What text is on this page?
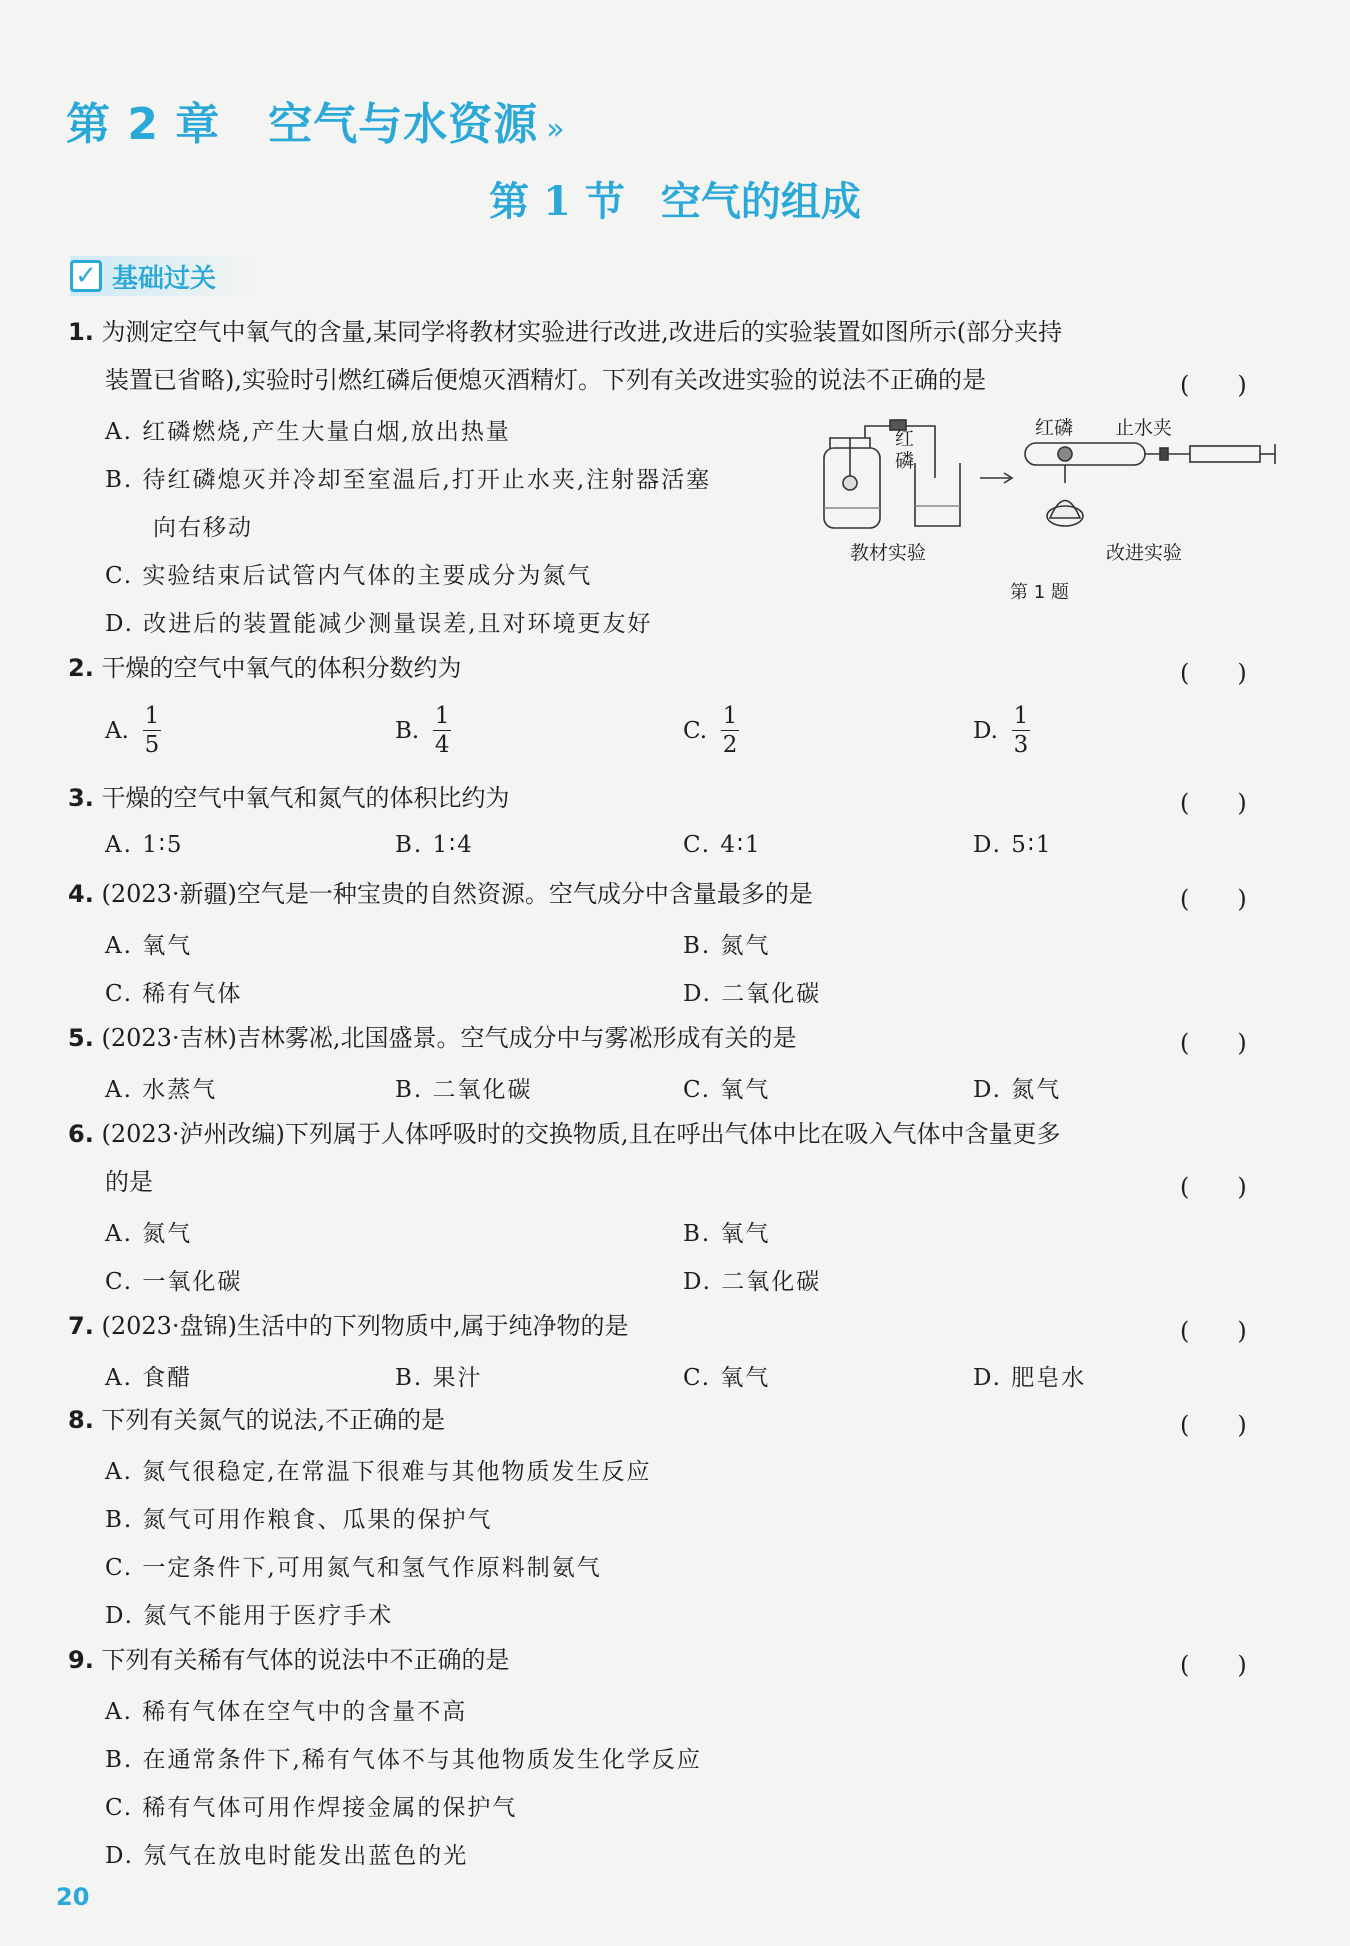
第 2 章 空气与水资源 »
第 1 节 空气的组成
✓ 基础过关
1. 为测定空气中氧气的含量,某同学将教材实验进行改进,改进后的实验装置如图所示(部分夹持
装置已省略),实验时引燃红磷后便熄灭酒精灯。下列有关改进实验的说法不正确的是	(　　)
A. 红磷燃烧,产生大量白烟,放出热量
B. 待红磷熄灭并冷却至室温后,打开止水夹,注射器活塞
向右移动
C. 实验结束后试管内气体的主要成分为氮气
D. 改进后的装置能减少测量误差,且对环境更友好
红
磷
红磷 止水夹
教材实验	改进实验
第 1 题
2. 干燥的空气中氧气的体积分数约为	(　　)
A.
1
5
B.
1
4
C.
1
2
D.
1
3
3. 干燥的空气中氧气和氮气的体积比约为	(　　)
A. 1∶5	B. 1∶4	C. 4∶1	D. 5∶1
4. (2023·新疆)空气是一种宝贵的自然资源。空气成分中含量最多的是	(　　)
A. 氧气	B. 氮气
C. 稀有气体	D. 二氧化碳
5. (2023·吉林)吉林雾凇,北国盛景。空气成分中与雾凇形成有关的是	(　　)
A. 水蒸气	B. 二氧化碳	C. 氧气	D. 氮气
6. (2023·泸州改编)下列属于人体呼吸时的交换物质,且在呼出气体中比在吸入气体中含量更多
的是	(　　)
A. 氮气	B. 氧气
C. 一氧化碳	D. 二氧化碳
7. (2023·盘锦)生活中的下列物质中,属于纯净物的是	(　　)
A. 食醋	B. 果汁	C. 氧气	D. 肥皂水
8. 下列有关氮气的说法,不正确的是	(　　)
A. 氮气很稳定,在常温下很难与其他物质发生反应
B. 氮气可用作粮食、瓜果的保护气
C. 一定条件下,可用氮气和氢气作原料制氨气
D. 氮气不能用于医疗手术
9. 下列有关稀有气体的说法中不正确的是	(　　)
A. 稀有气体在空气中的含量不高
B. 在通常条件下,稀有气体不与其他物质发生化学反应
C. 稀有气体可用作焊接金属的保护气
D. 氖气在放电时能发出蓝色的光
20
